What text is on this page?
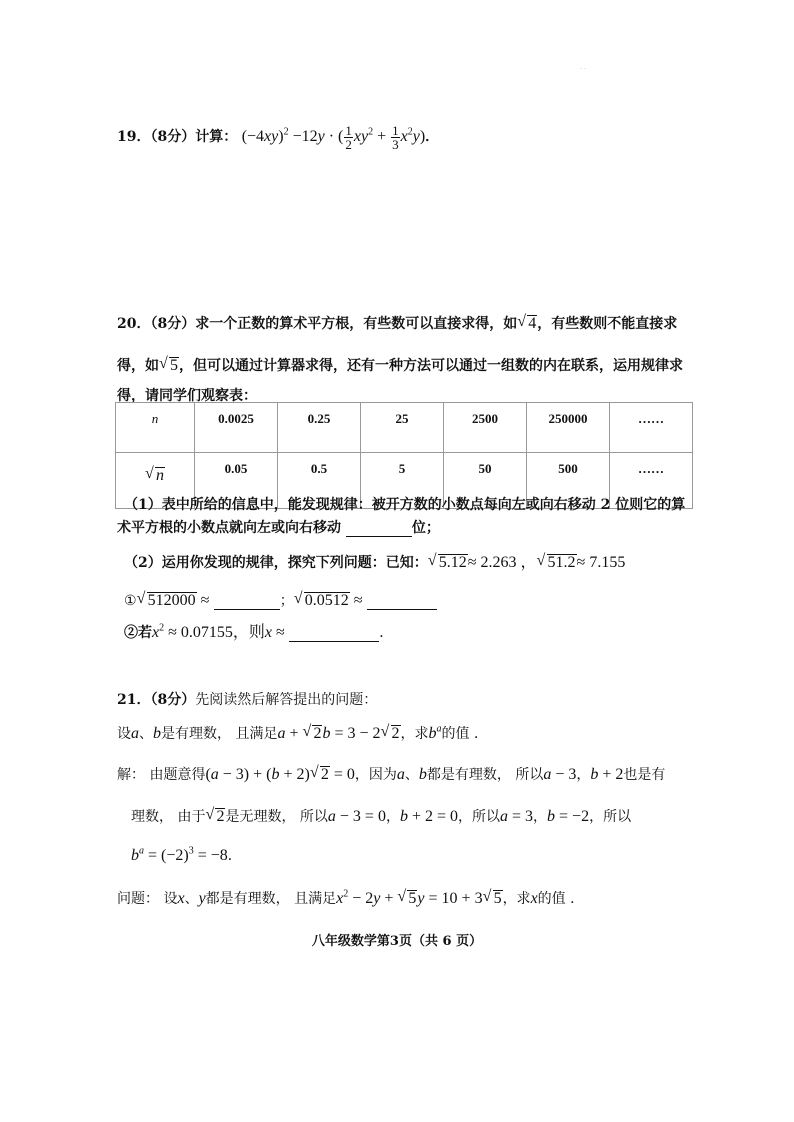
· ·
19．（8分）计算： $(-4xy)^2 -12y$ · ( $\frac{1}{2} xy^2 + \frac{1}{3} x^2y$)．
20．（8分）求一个正数的算术平方根，有些数可以直接求得，如 √ 4，有些数则不能直接求
得，如 √ 5，但可以通过计算器求得，还有一种方法可以通过一组数的内在联系，运用规律求
得，请同学们观察表：
n	0.0025	0.25	25	2500	250000	……
√ n	0.05	0.5	5	50	500	……
（1）表中所给的信息中，能发现规律：被开方数的小数点每向左或向右移动 2 位则它的算
术平方根的小数点就向左或向右移动	位；
（2）运用你发现的规律，探究下列问题：已知： √ 5.12≈ 2.263 ， √ 51.2≈ 7.155
① √ 512000 ≈	； √ 0.0512 ≈
②若$x^2 \approx 0.07155$，则x ≈	．
21．（8分）先阅读然后解答提出的问题：
设a、b是有理数， 且满足a + √ 2b = 3 − 2 √ 2，求$b^a$的值 ．
解： 由题意得(a − 3) + (b + 2) √ 2 = 0，因为a、b都是有理数， 所以a − 3，b + 2也是有
理数， 由于 √ 2是无理数， 所以a − 3 = 0，b + 2 = 0，所以a = 3，b = −2，所以
$b^a = (-2)^3 = -8$．
问题： 设x、y都是有理数， 且满足$x^2 - 2y$ + √ 5y = 10 + 3 √ 5，求x的值 ．
八年级数学第3页（共 6 页）
